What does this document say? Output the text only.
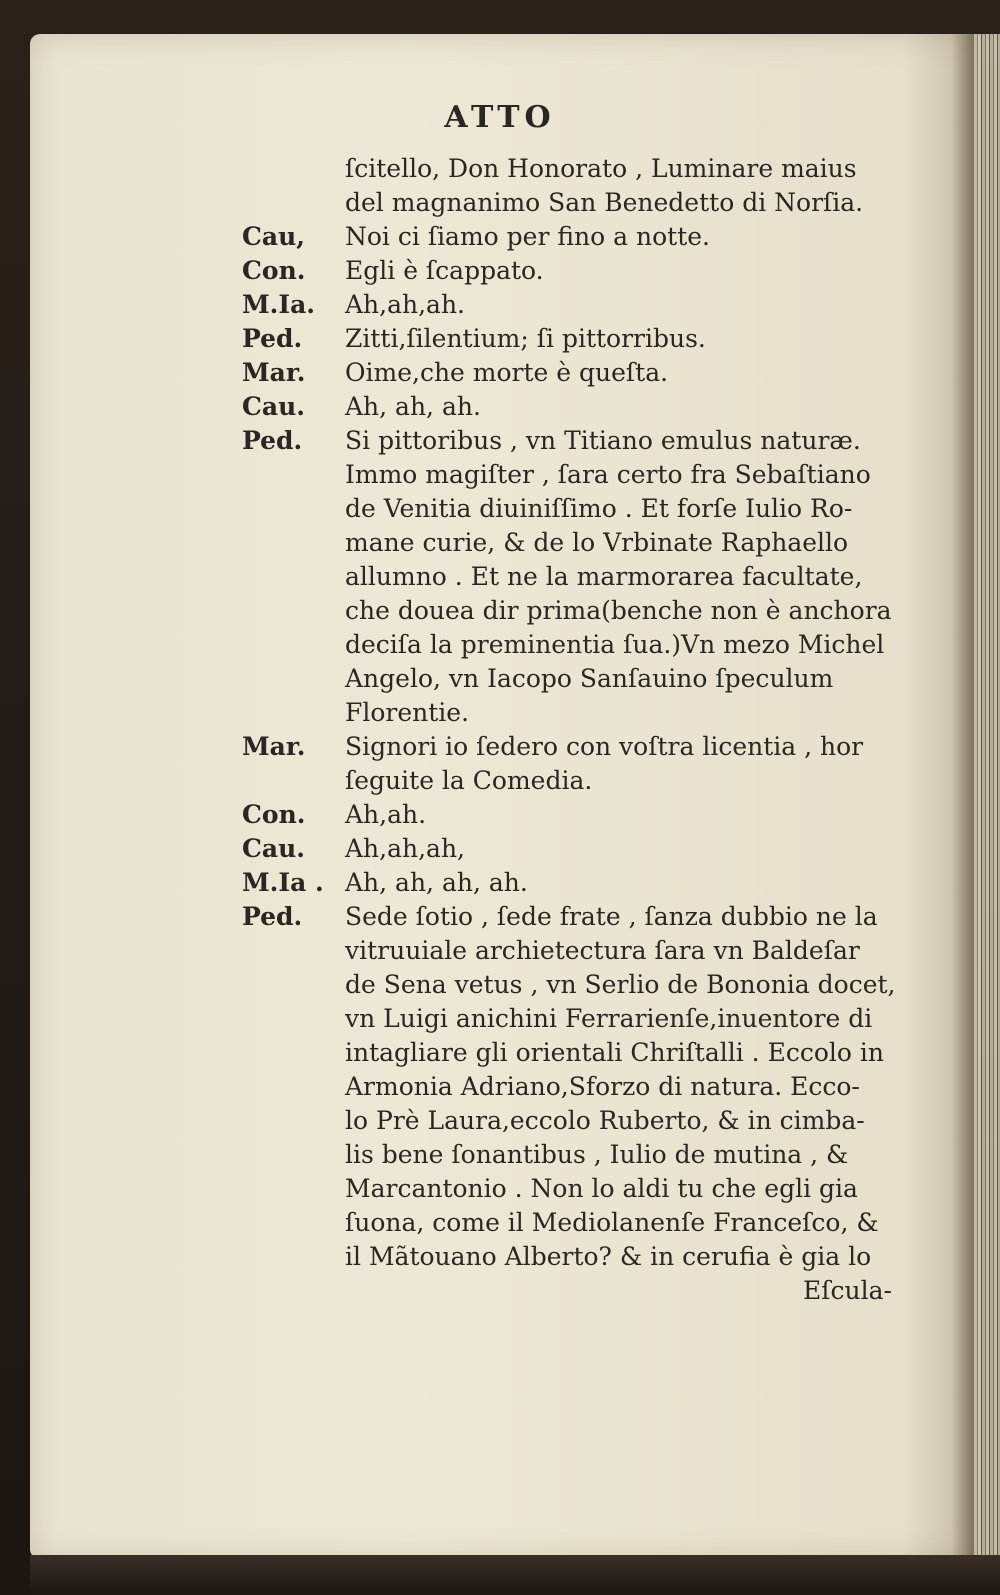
ATTO
ſcitello, Don Honorato , Luminare maius
del magnanimo San Benedetto di Norſia.
Cau,	Noi ci ſiamo per fino a notte.
Con.	Egli è ſcappato.
M.Ia.	Ah,ah,ah.
Ped.	Zitti,ſilentium; ſi pittorribus.
Mar.	Oime,che morte è queſta.
Cau.	Ah, ah, ah.
Ped.	Si pittoribus , vn Titiano emulus naturæ.
Immo magiſter , ſara certo fra Sebaſtiano
de Venitia diuiniſſimo . Et forſe Iulio Ro-
mane curie, & de lo Vrbinate Raphaello
allumno . Et ne la marmorarea facultate,
che douea dir prima(benche non è anchora
deciſa la preminentia ſua.)Vn mezo Michel
Angelo, vn Iacopo Sanſauino ſpeculum
Florentie.
Mar.	Signori io ſedero con voſtra licentia , hor
ſeguite la Comedia.
Con.	Ah,ah.
Cau.	Ah,ah,ah,
M.Ia . Ah, ah, ah, ah.
Ped.	Sede ſotio , ſede frate , ſanza dubbio ne la
vitruuiale archietectura ſara vn Baldeſar
de Sena vetus , vn Serlio de Bononia docet,
vn Luigi anichini Ferrarienſe,inuentore di
intagliare gli orientali Chriſtalli . Eccolo in
Armonia Adriano,Sforzo di natura. Ecco-
lo Prè Laura,eccolo Ruberto, & in cimba-
lis bene ſonantibus , Iulio de mutina , &
Marcantonio . Non lo aldi tu che egli gia
ſuona, come il Mediolanenſe Franceſco, &
il Mãtouano Alberto? & in cerufia è gia lo
Eſcula-
